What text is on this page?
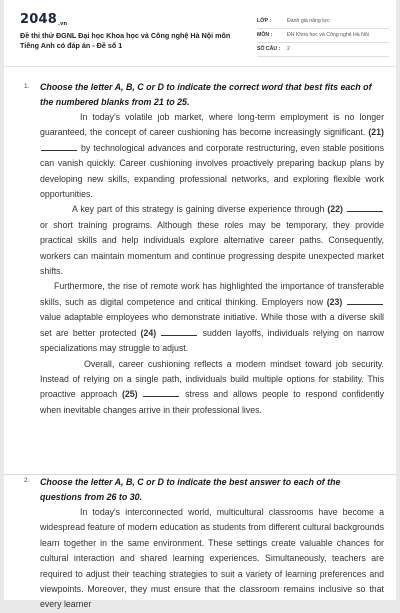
2048.vn
Đề thi thử ĐGNL Đại học Khoa học và Công nghệ Hà Nội môn Tiếng Anh có đáp án - Đề số 1
LỚP :	Đánh giá năng lực
MÔN :	ĐH Khoa học và Công nghệ Hà Nội
SỐ CÂU : 2
1. Choose the letter A, B, C or D to indicate the correct word that best fits each of the numbered blanks from 21 to 25.

In today's volatile job market, where long-term employment is no longer guaranteed, the concept of career cushioning has become increasingly significant. (21)  by technological advances and corporate restructuring, even stable positions can vanish quickly. Career cushioning involves proactively preparing backup plans by developing new skills, expanding professional networks, and exploring flexible work opportunities.

A key part of this strategy is gaining diverse experience through (22)  or short training programs. Although these roles may be temporary, they provide practical skills and help individuals explore alternative career paths. Consequently, workers can maintain momentum and continue progressing despite unexpected market shifts.

Furthermore, the rise of remote work has highlighted the importance of transferable skills, such as digital competence and critical thinking. Employers now (23)  value adaptable employees who demonstrate initiative. While those with a diverse skill set are better protected (24)	sudden layoffs, individuals relying on narrow specializations may struggle to adjust.

Overall, career cushioning reflects a modern mindset toward job security. Instead of relying on a single path, individuals build multiple options for stability. This proactive approach (25)	stress and allows people to respond confidently when inevitable changes arrive in their professional lives.

2. Choose the letter A, B, C or D to indicate the best answer to each of the questions from 26 to 30.

In today's interconnected world, multicultural classrooms have become a widespread feature of modern education as students from different cultural backgrounds learn together in the same environment. These settings create valuable chances for cultural interaction and shared learning experiences. Simultaneously, teachers are required to adjust their teaching strategies to suit a variety of learning preferences and viewpoints. Moreover, they must ensure that the classroom remains inclusive so that every learner
